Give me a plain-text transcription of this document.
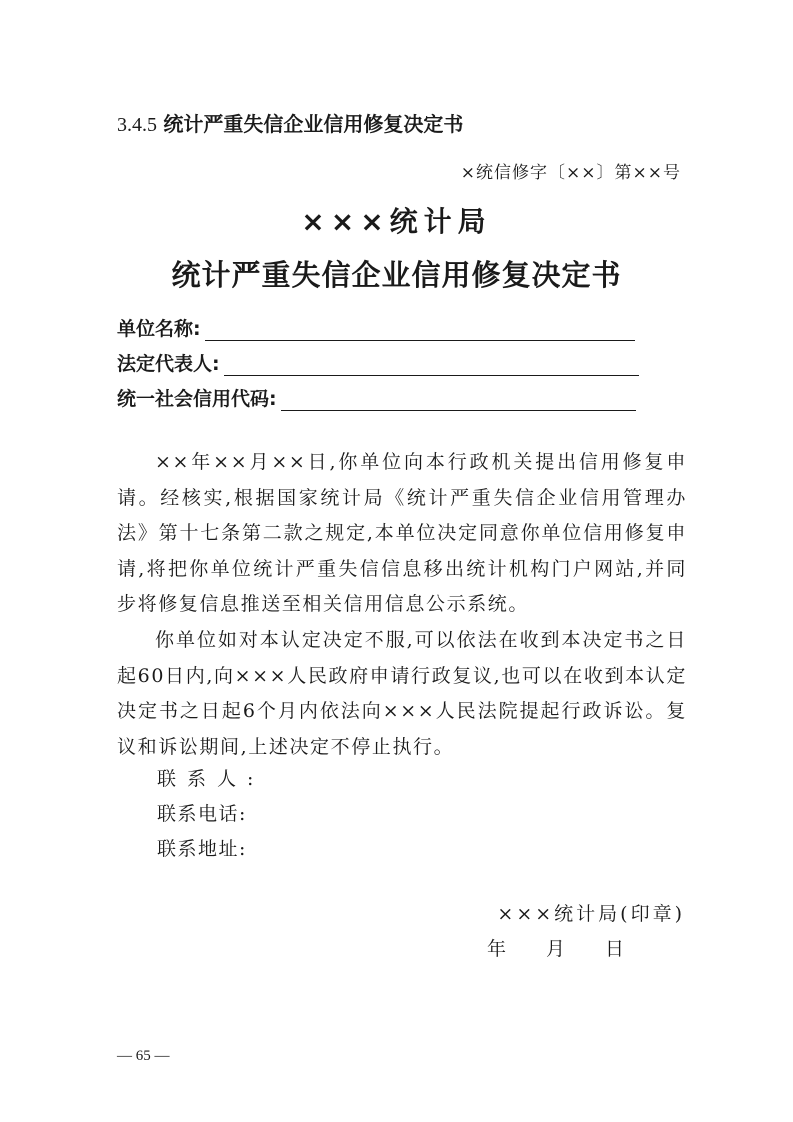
3.4.5 统计严重失信企业信用修复决定书
×统信修字〔××〕第××号
×××统计局
统计严重失信企业信用修复决定书
单位名称:
法定代表人:
统一社会信用代码:

××年××月××日,你单位向本行政机关提出信用修复申请。经核实,根据国家统计局《统计严重失信企业信用管理办法》第十七条第二款之规定,本单位决定同意你单位信用修复申请,将把你单位统计严重失信信息移出统计机构门户网站,并同步将修复信息推送至相关信用信息公示系统。

你单位如对本认定决定不服,可以依法在收到本决定书之日起60日内,向×××人民政府申请行政复议,也可以在收到本认定决定书之日起6个月内依法向×××人民法院提起行政诉讼。复议和诉讼期间,上述决定不停止执行。

联系人:
联系电话:
联系地址:
×××统计局(印章)
年 月 日
— 65 —
